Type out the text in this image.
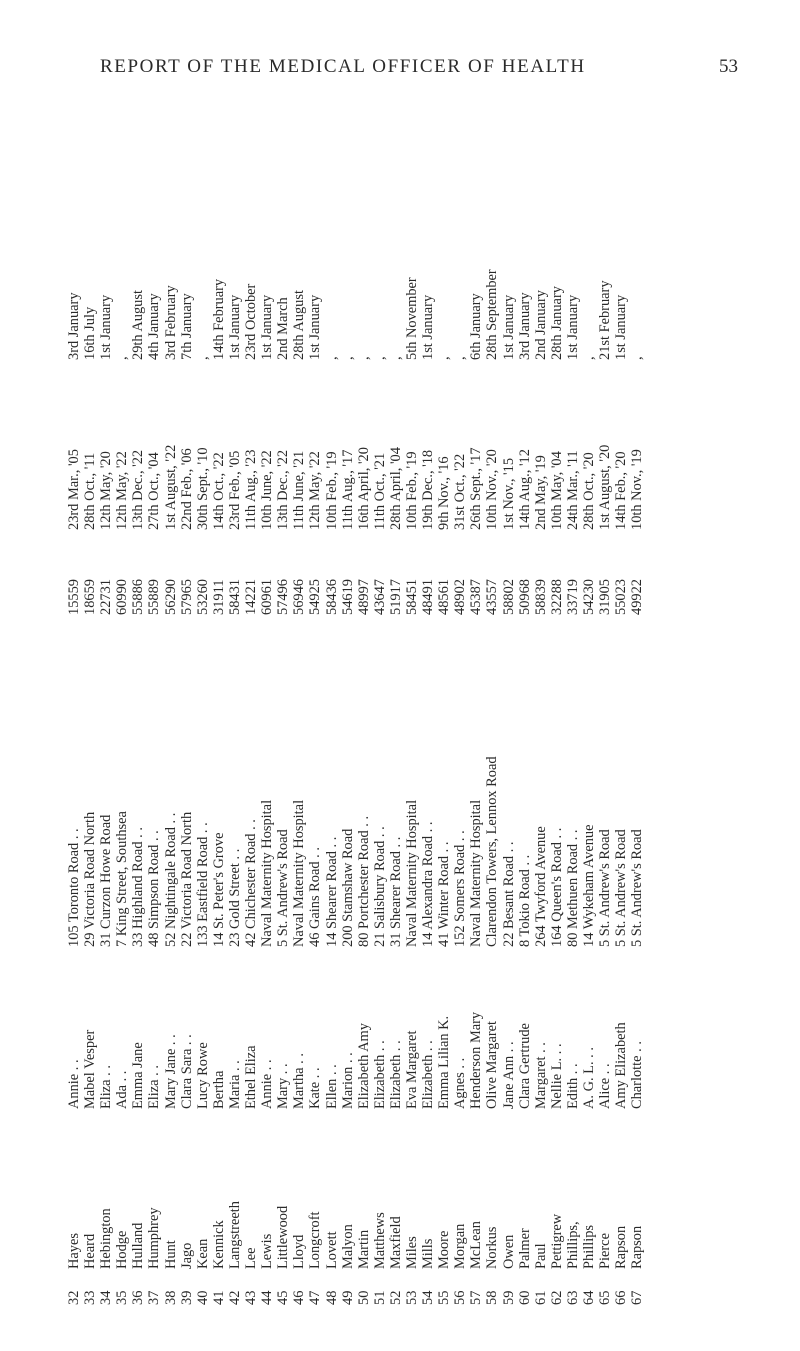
REPORT OF THE MEDICAL OFFICER OF HEALTH	53
32
Hayes
Annie . .
105 Toronto Road . .
15559
23rd Mar., '05
3rd January
33
Heard
Mabel Vesper
29 Victoria Road North
18659
28th Oct., '11
16th July
34
Hebington
Eliza . .
31 Curzon Howe Road
22731
12th May, '20
1st January
35
Hodge
Ada . .
7 King Street, Southsea
60990
12th May, '22
,
36
Hulland
Emma Jane
33 Highland Road . .
55886
13th Dec., '22
29th August
37
Humphrey
Eliza . .
48 Simpson Road . .
55889
27th Oct., '04
4th January
38
Hunt
Mary Jane . .
52 Nightingale Road . .
56290
1st August, '22
3rd February
39
Jago
Clara Sara . .
22 Victoria Road North
57965
22nd Feb., '06
7th January
40
Kean
Lucy Rowe
133 Eastfield Road . .
53260
30th Sept., '10
,
41
Kennick
Bertha
14 St. Peter's Grove
31911
14th Oct., '22
14th February
42
Langstreeth
Maria . .
23 Gold Street . .
58431
23rd Feb., '05
1st January
43
Lee
Ethel Eliza
42 Chichester Road . .
14221
11th Aug., '23
23rd October
44
Lewis
Annie . .
Naval Maternity Hospital
60961
10th June, '22
1st January
45
Littlewood
Mary . .
5 St. Andrew's Road
57496
13th Dec., '22
2nd March
46
Lloyd
Martha . .
Naval Maternity Hospital
56946
11th June, '21
28th August
47
Longcroft
Kate . .
46 Gains Road . .
54925
12th May, '22
1st January
48
Lovett
Ellen . .
14 Shearer Road . .
58436
10th Feb., '19
,
49
Malyon
Marion . .
200 Stamshaw Road
54619
11th Aug., '17
,
50
Martin
Elizabeth Amy
80 Portchester Road . .
48997
16th April, '20
,
51
Matthews
Elizabeth . .
21 Salisbury Road . .
43647
11th Oct., '21
,
52
Maxfield
Elizabeth . .
31 Shearer Road . .
51917
28th April, '04
,
53
Miles
Eva Margaret
Naval Maternity Hospital
58451
10th Feb., '19
5th November
54
Mills
Elizabeth . .
14 Alexandra Road . .
48491
19th Dec., '18
1st January
55
Moore
Emma Lilian K.
41 Winter Road . .
48561
9th Nov., '16
,
56
Morgan
Agnes . .
152 Somers Road . .
48902
31st Oct., '22
,
57
McLean
Henderson Mary
Naval Maternity Hospital
45387
26th Sept., '17
6th January
58
Norkus
Olive Margaret
Clarendon Towers, Lennox Road
43557
10th Nov., '20
28th September
59
Owen
Jane Ann . .
22 Besant Road . .
58802
1st Nov., '15
1st January
60
Palmer
Clara Gertrude
8 Tokio Road . .
50968
14th Aug., '12
3rd January
61
Paul
Margaret . .
264 Twyford Avenue
58839
2nd May, '19
2nd January
62
Pettigrew
Nellie L. . .
164 Queen's Road . .
32288
10th May, '04
28th January
63
Phillips,
Edith . .
80 Methuen Road . .
33719
24th Mar., '11
1st January
64
Phillips
A. G. L. . .
14 Wykeham Avenue
54230
28th Oct., '20
,
65
Pierce
Alice . .
5 St. Andrew's Road
31905
1st August, '20
21st February
66
Rapson
Amy Elizabeth
5 St. Andrew's Road
55023
14th Feb., '20
1st January
67
Rapson
Charlotte . .
5 St. Andrew's Road
49922
10th Nov., '19
,
